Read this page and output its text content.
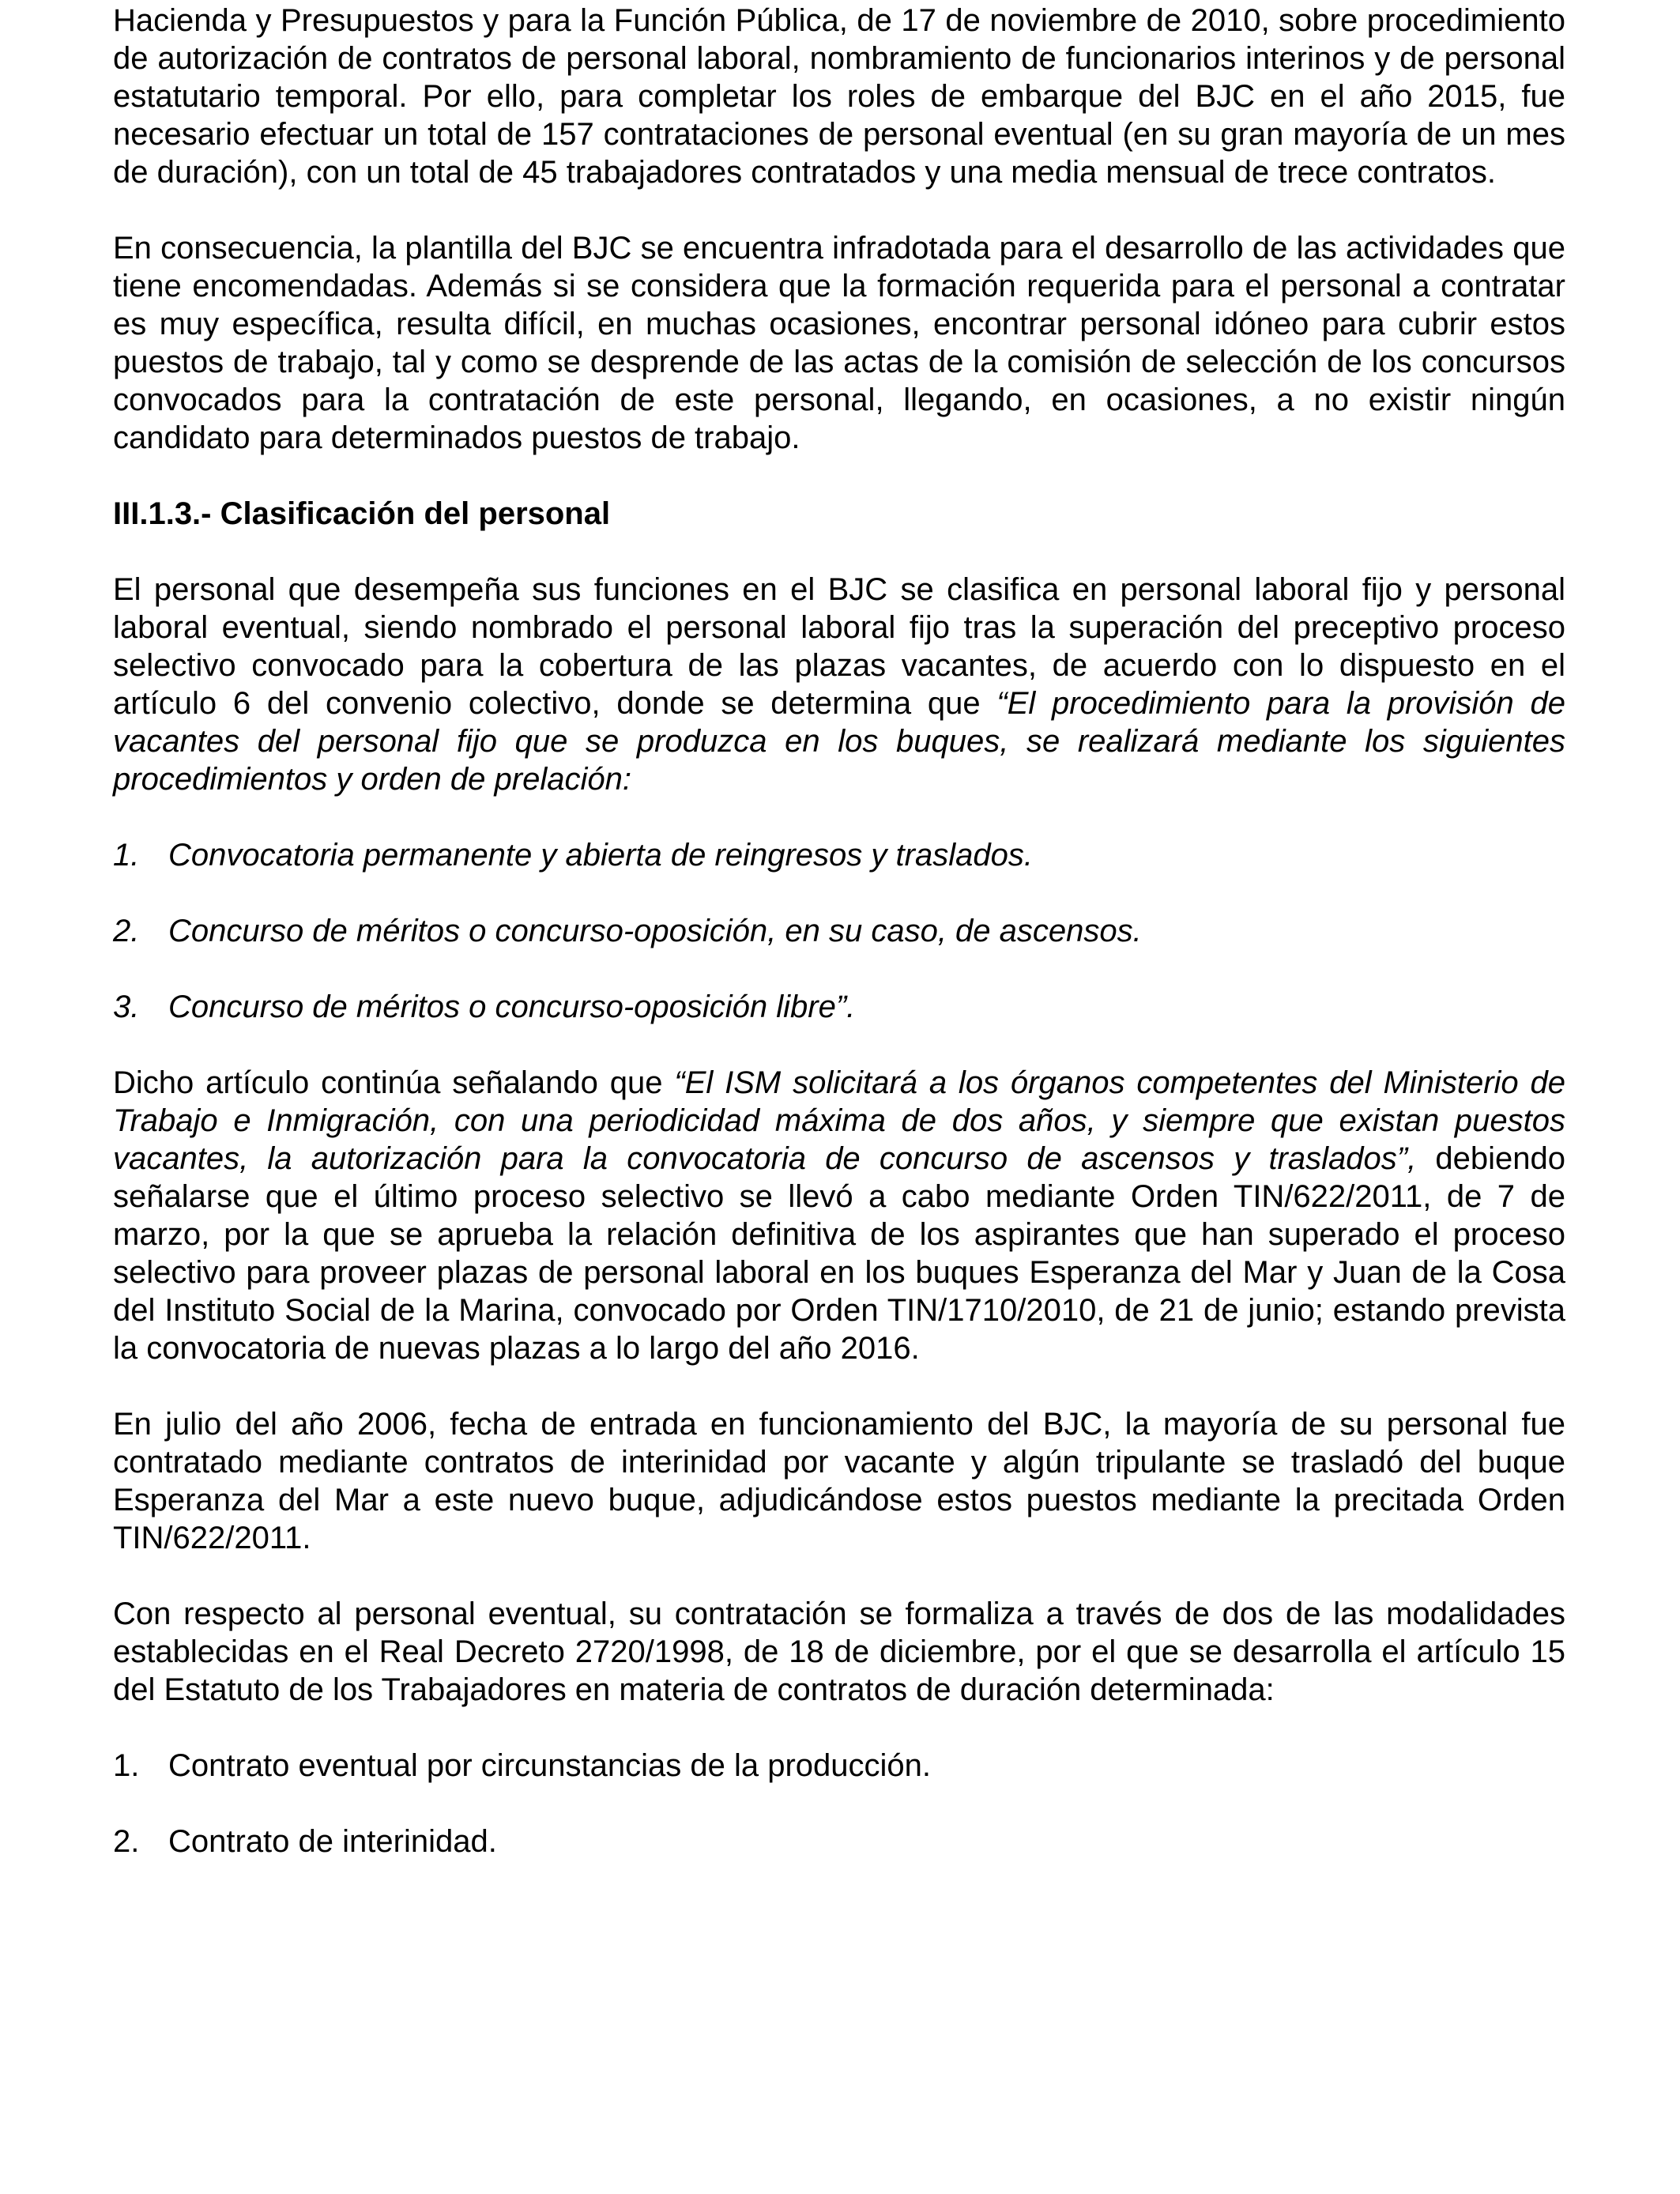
Hacienda y Presupuestos y para la Función Pública, de 17 de noviembre de 2010, sobre procedimiento de autorización de contratos de personal laboral, nombramiento de funcionarios interinos y de personal estatutario temporal. Por ello, para completar los roles de embarque del BJC en el año 2015, fue necesario efectuar un total de 157 contrataciones de personal eventual (en su gran mayoría de un mes de duración), con un total de 45 trabajadores contratados y una media mensual de trece contratos.

En consecuencia, la plantilla del BJC se encuentra infradotada para el desarrollo de las actividades que tiene encomendadas. Además si se considera que la formación requerida para el personal a contratar es muy específica, resulta difícil, en muchas ocasiones, encontrar personal idóneo para cubrir estos puestos de trabajo, tal y como se desprende de las actas de la comisión de selección de los concursos convocados para la contratación de este personal, llegando, en ocasiones, a no existir ningún candidato para determinados puestos de trabajo.

III.1.3.- Clasificación del personal

El personal que desempeña sus funciones en el BJC se clasifica en personal laboral fijo y personal laboral eventual, siendo nombrado el personal laboral fijo tras la superación del preceptivo proceso selectivo convocado para la cobertura de las plazas vacantes, de acuerdo con lo dispuesto en el artículo 6 del convenio colectivo, donde se determina que “El procedimiento para la provisión de vacantes del personal fijo que se produzca en los buques, se realizará mediante los siguientes procedimientos y orden de prelación:

1. Convocatoria permanente y abierta de reingresos y traslados.
2. Concurso de méritos o concurso-oposición, en su caso, de ascensos.
3. Concurso de méritos o concurso-oposición libre”.

Dicho artículo continúa señalando que “El ISM solicitará a los órganos competentes del Ministerio de Trabajo e Inmigración, con una periodicidad máxima de dos años, y siempre que existan puestos vacantes, la autorización para la convocatoria de concurso de ascensos y traslados”, debiendo señalarse que el último proceso selectivo se llevó a cabo mediante Orden TIN/622/2011, de 7 de marzo, por la que se aprueba la relación definitiva de los aspirantes que han superado el proceso selectivo para proveer plazas de personal laboral en los buques Esperanza del Mar y Juan de la Cosa del Instituto Social de la Marina, convocado por Orden TIN/1710/2010, de 21 de junio; estando prevista la convocatoria de nuevas plazas a lo largo del año 2016.

En julio del año 2006, fecha de entrada en funcionamiento del BJC, la mayoría de su personal fue contratado mediante contratos de interinidad por vacante y algún tripulante se trasladó del buque Esperanza del Mar a este nuevo buque, adjudicándose estos puestos mediante la precitada Orden TIN/622/2011.

Con respecto al personal eventual, su contratación se formaliza a través de dos de las modalidades establecidas en el Real Decreto 2720/1998, de 18 de diciembre, por el que se desarrolla el artículo 15 del Estatuto de los Trabajadores en materia de contratos de duración determinada:

1. Contrato eventual por circunstancias de la producción.
2. Contrato de interinidad.
